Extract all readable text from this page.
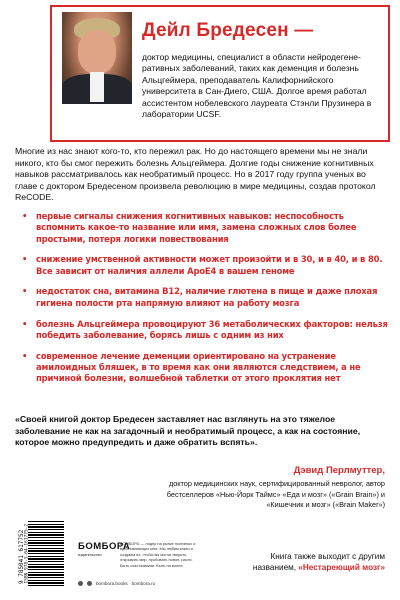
Дейл Бредесен —

доктор медицины, специалист в области нейродегене-ративных заболеваний, таких как деменция и болезнь Альцгеймера, преподаватель Калифорнийского университета в Сан-Диего, США. Долгое время работал ассистентом нобелевского лауреата Стэнли Прузинера в лаборатории UCSF.

Многие из нас знают кого-то, кто пережил рак. Но до настоящего времени мы не знали никого, кто бы смог пережить болезнь Альцгеймера. Долгие годы снижение когнитивных навыков рассматривалось как необратимый процесс. Но в 2017 году группа ученых во главе с доктором Бредесеном произвела революцию в мире медицины, создав протокол ReCODE.

• первые сигналы снижения когнитивных навыков: неспособность вспомнить какое-то название или имя, замена сложных слов более простыми, потеря логики повествования
• снижение умственной активности может произойти и в 30, и в 40, и в 80. Все зависит от наличия аллели ApoE4 в вашем геноме
• недостаток сна, витамина B12, наличие глютена в пище и даже плохая гигиена полости рта напрямую влияют на работу мозга
• болезнь Альцгеймера провоцируют 36 метаболических факторов: нельзя победить заболевание, борясь лишь с одним из них
• современное лечение деменции ориентировано на устранение амилоидных бляшек, в то время как они являются следствием, а не причиной болезни, волшебной таблетки от этого проклятия нет

«Своей книгой доктор Бредесен заставляет нас взглянуть на это тяжелое заболевание не как на загадочный и необратимый процесс, а как на состояние, которое можно предупредить и даже обратить вспять».

Дэвид Перлмуттер,

доктор медицинских наук, сертифицированный невролог, автор бестселлеров «Нью-Йорк Таймс» «Еда и мозг» («Grain Brain») и «Кишечник и мозг» («Brain Maker»)

ISBN 978-5-04-161775-2
9 785041 617752	БОМБОРА

издательство

БОМБОРА — лидер на рынке полезных и вдохновляющих книг. Мы любим книги и создаем их, чтобы вы могли творить, открывать мир, пробовать новое, расти. Быть счастливыми. Быть на волне.

bombora.books bombora.ru

Книга также выходит с другим названием, «Нестареющий мозг»
